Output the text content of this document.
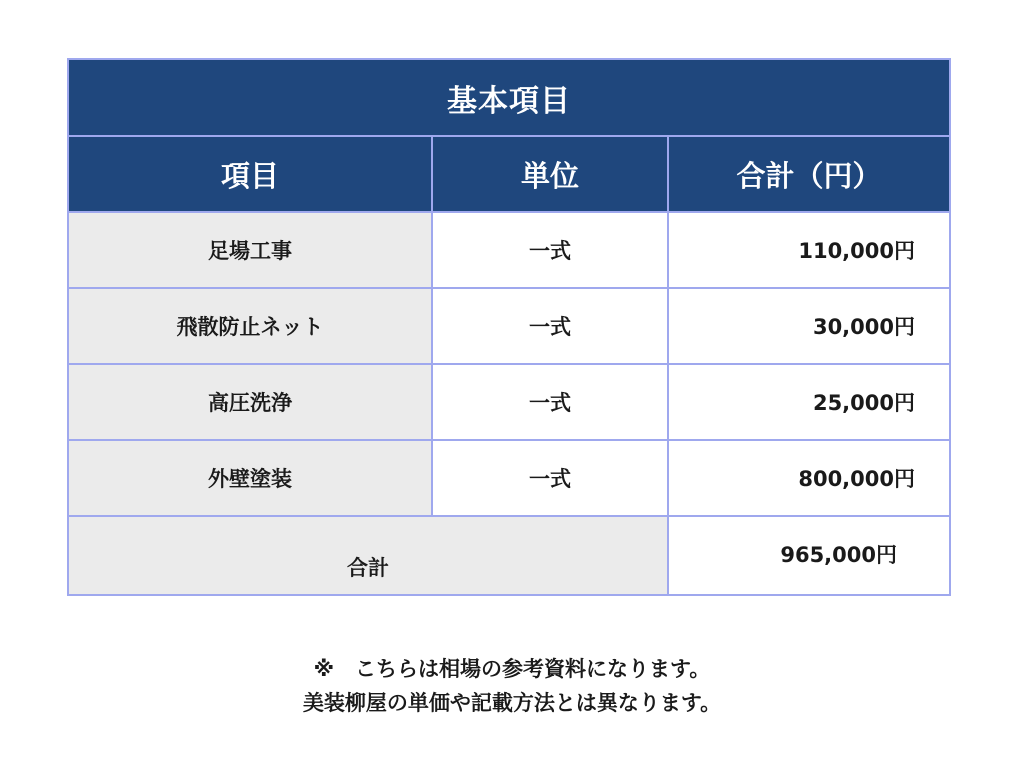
基本項目		
項目	単位	合計（円）
足場工事	一式	110,000円
飛散防止ネット	一式	30,000円
高圧洗浄	一式	25,000円
外壁塗装	一式	800,000円
合計		965,000円
※　こちらは相場の参考資料になります。
美装柳屋の単価や記載方法とは異なります。
